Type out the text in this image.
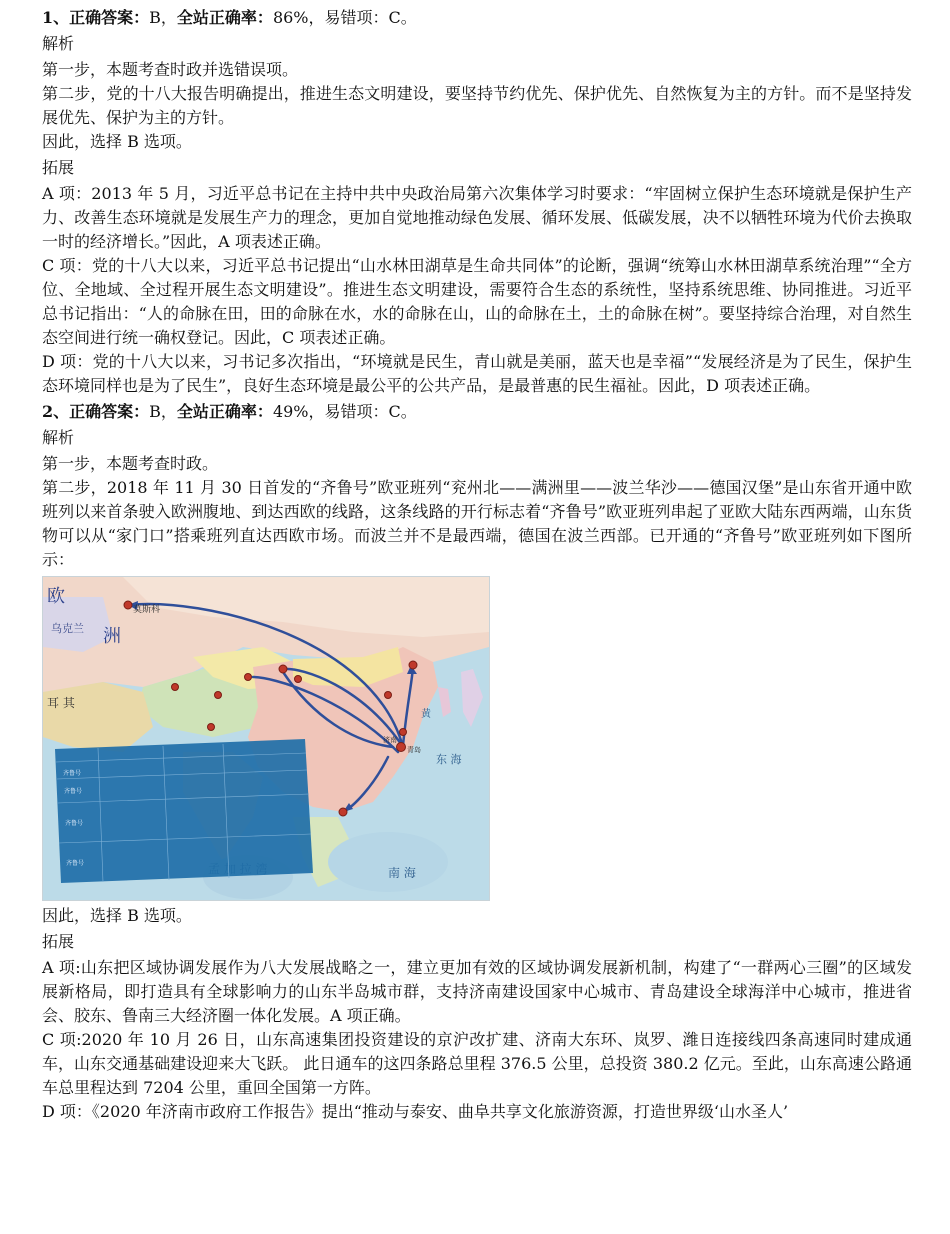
1、正确答案：B，全站正确率：86%，易错项：C。

解析

第一步，本题考查时政并选错误项。

第二步，党的十八大报告明确提出，推进生态文明建设，要坚持节约优先、保护优先、自然恢复为主的方针。而不是坚持发展优先、保护为主的方针。

因此，选择 B 选项。

拓展

A 项：2013 年 5 月，习近平总书记在主持中共中央政治局第六次集体学习时要求：“牢固树立保护生态环境就是保护生产力、改善生态环境就是发展生产力的理念，更加自觉地推动绿色发展、循环发展、低碳发展，决不以牺牲环境为代价去换取一时的经济增长。”因此，A 项表述正确。

C 项：党的十八大以来，习近平总书记提出“山水林田湖草是生命共同体”的论断，强调“统筹山水林田湖草系统治理”“全方位、全地域、全过程开展生态文明建设”。推进生态文明建设，需要符合生态的系统性，坚持系统思维、协同推进。习近平总书记指出：“人的命脉在田，田的命脉在水，水的命脉在山，山的命脉在土，土的命脉在树”。要坚持综合治理，对自然生态空间进行统一确权登记。因此，C 项表述正确。

D 项：党的十八大以来，习书记多次指出，“环境就是民生，青山就是美丽，蓝天也是幸福”“发展经济是为了民生，保护生态环境同样也是为了民生”，良好生态环境是最公平的公共产品，是最普惠的民生福祉。因此，D 项表述正确。

2、正确答案：B，全站正确率：49%，易错项：C。

解析

第一步，本题考查时政。

第二步，2018 年 11 月 30 日首发的“齐鲁号”欧亚班列“兖州北——满洲里——波兰华沙——德国汉堡”是山东省开通中欧班列以来首条驶入欧洲腹地、到达西欧的线路，这条线路的开行标志着“齐鲁号”欧亚班列串起了亚欧大陆东西两端，山东货物可以从“家门口”搭乘班列直达西欧市场。而波兰并不是最西端，德国在波兰西部。已开通的“齐鲁号”欧亚班列如下图所示：

莫斯科
乌克兰
欧
洲
耳 其
南 海
东 海
黄
济南
青岛
齐鲁号
齐鲁号
齐鲁号
齐鲁号

因此，选择 B 选项。

拓展

A 项:山东把区域协调发展作为八大发展战略之一，建立更加有效的区域协调发展新机制，构建了“一群两心三圈”的区域发展新格局，即打造具有全球影响力的山东半岛城市群，支持济南建设国家中心城市、青岛建设全球海洋中心城市，推进省会、胶东、鲁南三大经济圈一体化发展。A 项正确。

C 项:2020 年 10 月 26 日，山东高速集团投资建设的京沪改扩建、济南大东环、岚罗、潍日连接线四条高速同时建成通车，山东交通基础建设迎来大飞跃。 此日通车的这四条路总里程 376.5 公里，总投资 380.2 亿元。至此，山东高速公路通车总里程达到 7204 公里，重回全国第一方阵。

D 项：《2020 年济南市政府工作报告》提出“推动与泰安、曲阜共享文化旅游资源，打造世界级‘山水圣人’
